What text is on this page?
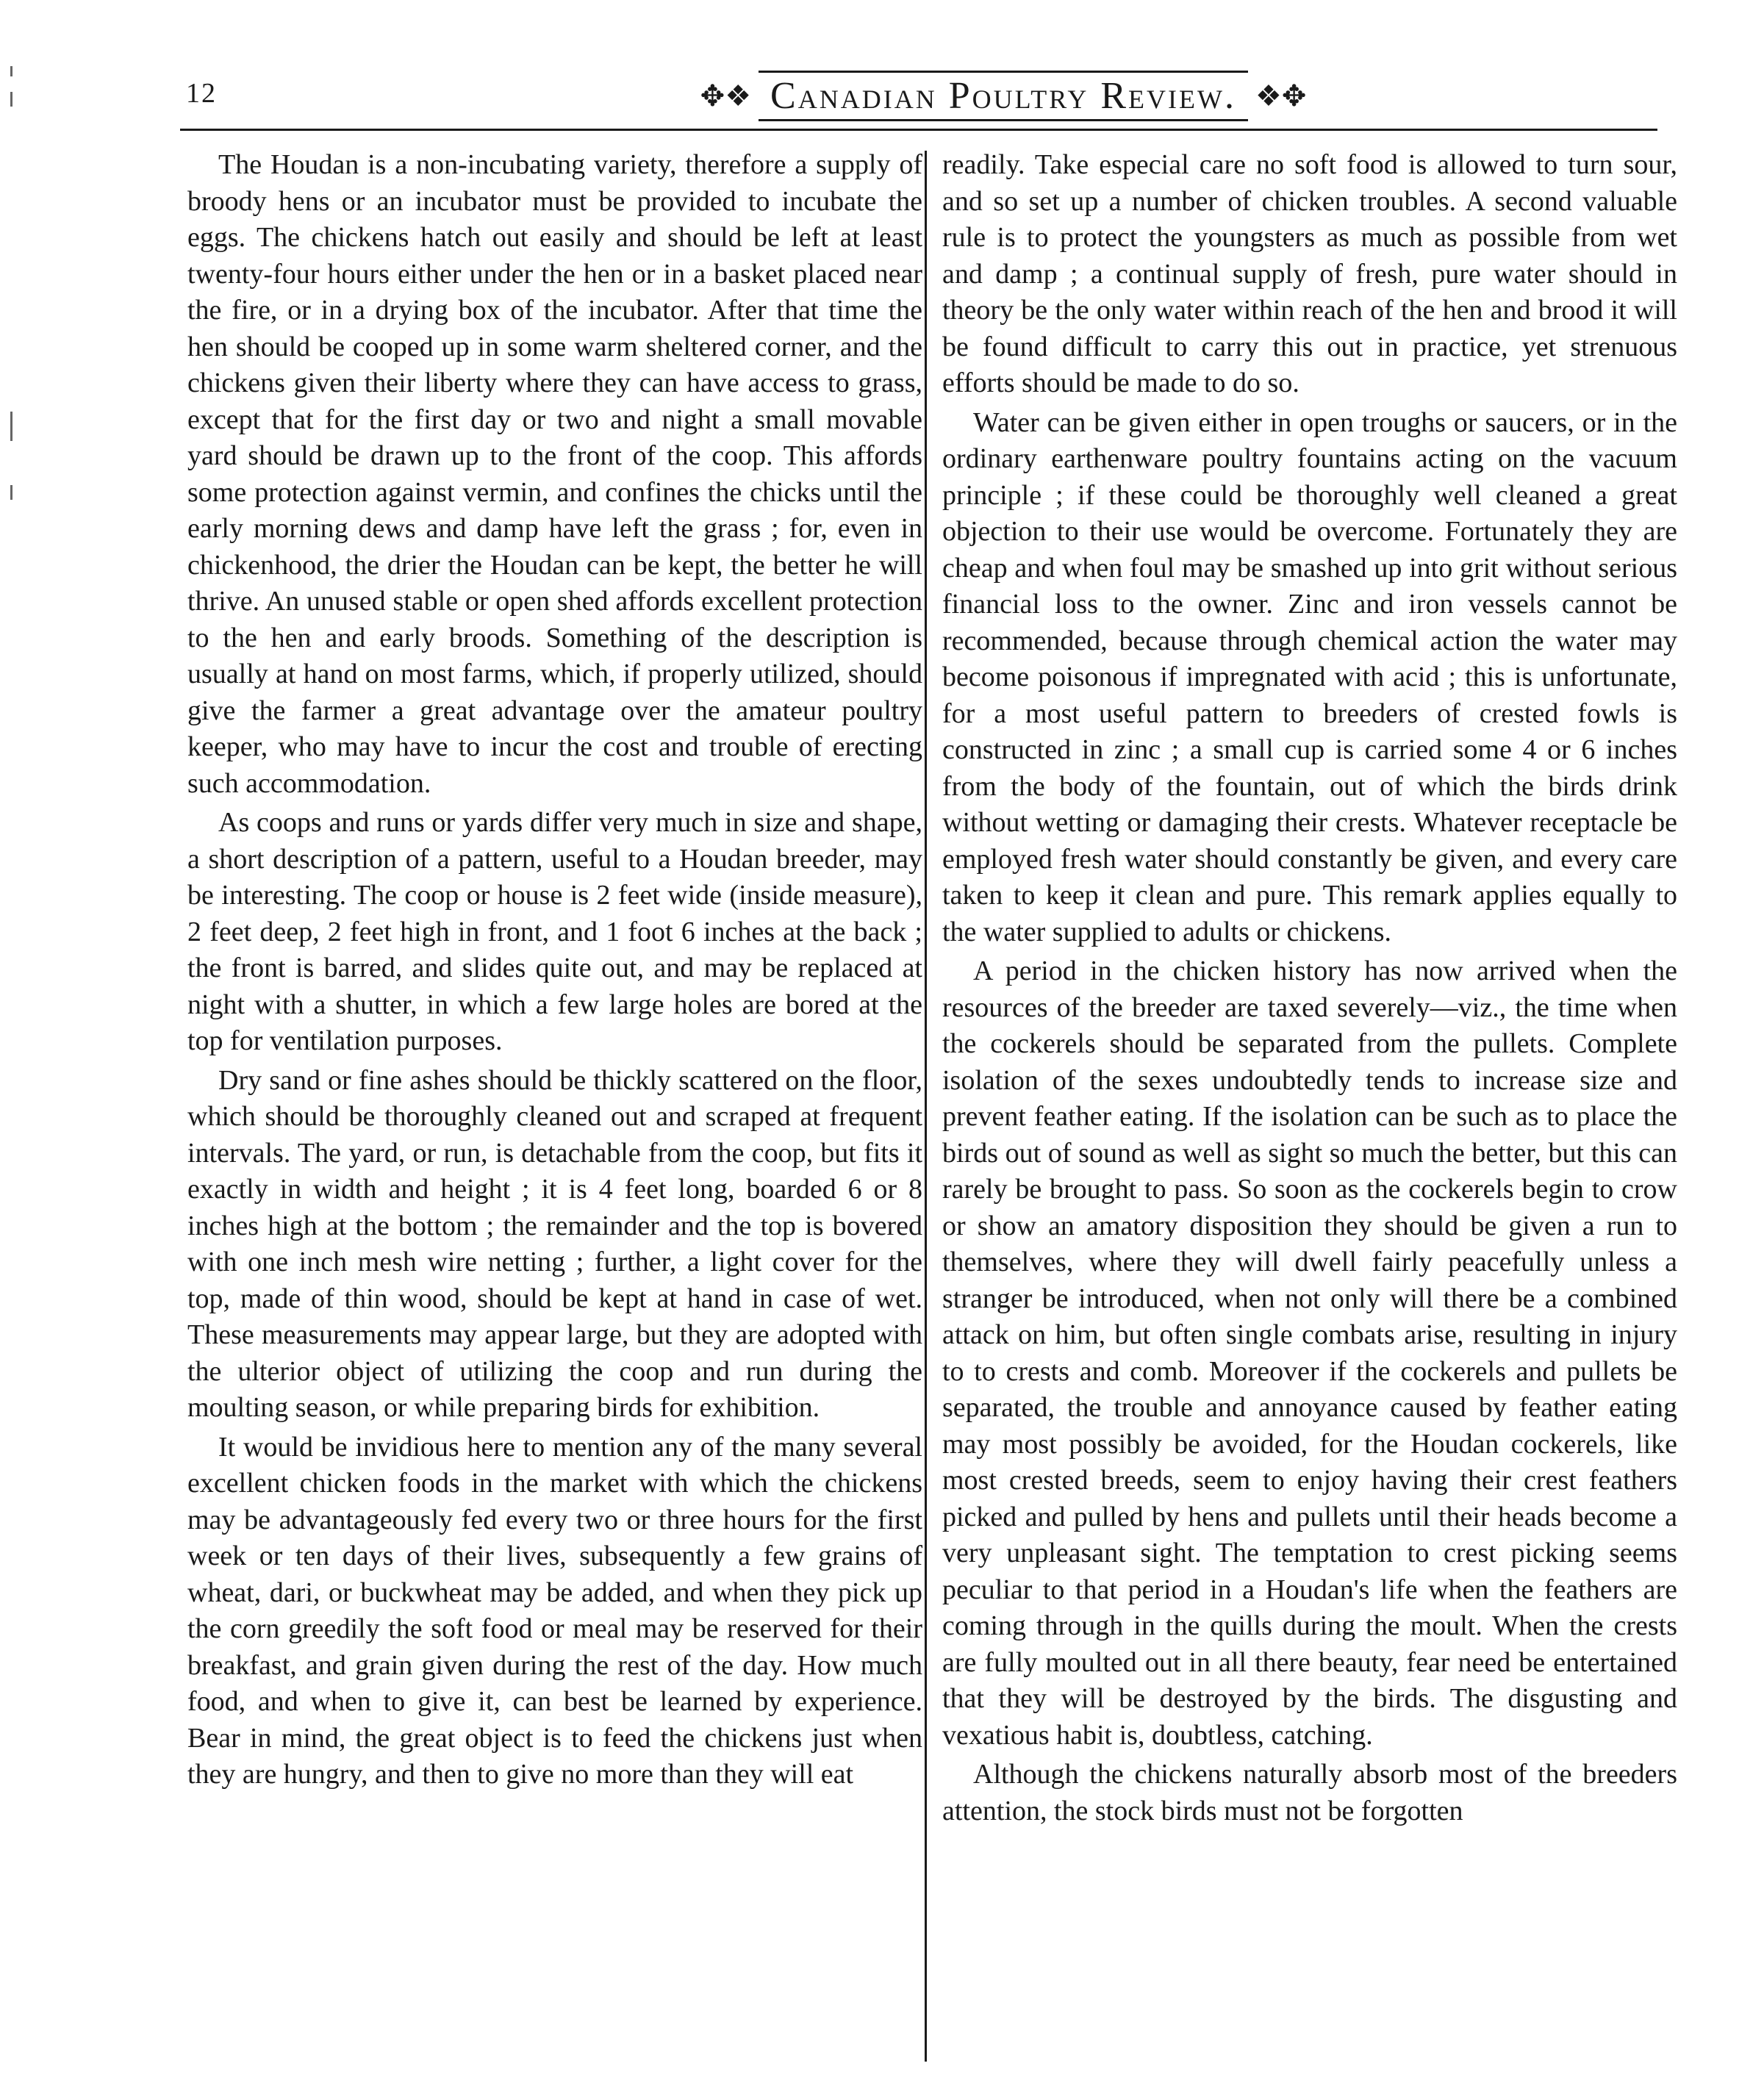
12	✥❖ Canadian Poultry Review. ❖✥

The Houdan is a non-incubating variety, therefore a supply of broody hens or an incubator must be provided to incubate the eggs. The chickens hatch out easily and should be left at least twenty-four hours either under the hen or in a basket placed near the fire, or in a drying box of the incubator. After that time the hen should be cooped up in some warm sheltered corner, and the chickens given their liberty where they can have access to grass, except that for the first day or two and night a small movable yard should be drawn up to the front of the coop. This affords some protection against vermin, and confines the chicks until the early morning dews and damp have left the grass ; for, even in chickenhood, the drier the Houdan can be kept, the better he will thrive. An unused stable or open shed affords excellent protection to the hen and early broods. Something of the description is usually at hand on most farms, which, if properly utilized, should give the farmer a great advantage over the amateur poultry keeper, who may have to incur the cost and trouble of erecting such accommodation.

As coops and runs or yards differ very much in size and shape, a short description of a pattern, useful to a Houdan breeder, may be interesting. The coop or house is 2 feet wide (inside measure), 2 feet deep, 2 feet high in front, and 1 foot 6 inches at the back ; the front is barred, and slides quite out, and may be replaced at night with a shutter, in which a few large holes are bored at the top for ventilation purposes.

Dry sand or fine ashes should be thickly scattered on the floor, which should be thoroughly cleaned out and scraped at frequent intervals. The yard, or run, is detachable from the coop, but fits it exactly in width and height ; it is 4 feet long, boarded 6 or 8 inches high at the bottom ; the remainder and the top is bovered with one inch mesh wire netting ; further, a light cover for the top, made of thin wood, should be kept at hand in case of wet. These measurements may appear large, but they are adopted with the ulterior object of utilizing the coop and run during the moulting season, or while preparing birds for exhibition.

It would be invidious here to mention any of the many several excellent chicken foods in the market with which the chickens may be advantageously fed every two or three hours for the first week or ten days of their lives, subsequently a few grains of wheat, dari, or buckwheat may be added, and when they pick up the corn greedily the soft food or meal may be reserved for their breakfast, and grain given during the rest of the day. How much food, and when to give it, can best be learned by experience. Bear in mind, the great object is to feed the chickens just when they are hungry, and then to give no more than they will eat

readily. Take especial care no soft food is allowed to turn sour, and so set up a number of chicken troubles. A second valuable rule is to protect the youngsters as much as possible from wet and damp ; a continual supply of fresh, pure water should in theory be the only water within reach of the hen and brood it will be found difficult to carry this out in practice, yet strenuous efforts should be made to do so.

Water can be given either in open troughs or saucers, or in the ordinary earthenware poultry fountains acting on the vacuum principle ; if these could be thoroughly well cleaned a great objection to their use would be overcome. Fortunately they are cheap and when foul may be smashed up into grit without serious financial loss to the owner. Zinc and iron vessels cannot be recommended, because through chemical action the water may become poisonous if impregnated with acid ; this is unfortunate, for a most useful pattern to breeders of crested fowls is constructed in zinc ; a small cup is carried some 4 or 6 inches from the body of the fountain, out of which the birds drink without wetting or damaging their crests. Whatever receptacle be employed fresh water should constantly be given, and every care taken to keep it clean and pure. This remark applies equally to the water supplied to adults or chickens.

A period in the chicken history has now arrived when the resources of the breeder are taxed severely—viz., the time when the cockerels should be separated from the pullets. Complete isolation of the sexes undoubtedly tends to increase size and prevent feather eating. If the isolation can be such as to place the birds out of sound as well as sight so much the better, but this can rarely be brought to pass. So soon as the cockerels begin to crow or show an amatory disposition they should be given a run to themselves, where they will dwell fairly peacefully unless a stranger be introduced, when not only will there be a combined attack on him, but often single combats arise, resulting in injury to to crests and comb. Moreover if the cockerels and pullets be separated, the trouble and annoyance caused by feather eating may most possibly be avoided, for the Houdan cockerels, like most crested breeds, seem to enjoy having their crest feathers picked and pulled by hens and pullets until their heads become a very unpleasant sight. The temptation to crest picking seems peculiar to that period in a Houdan's life when the feathers are coming through in the quills during the moult. When the crests are fully moulted out in all there beauty, fear need be entertained that they will be destroyed by the birds. The disgusting and vexatious habit is, doubtless, catching.

Although the chickens naturally absorb most of the breeders attention, the stock birds must not be forgotten
